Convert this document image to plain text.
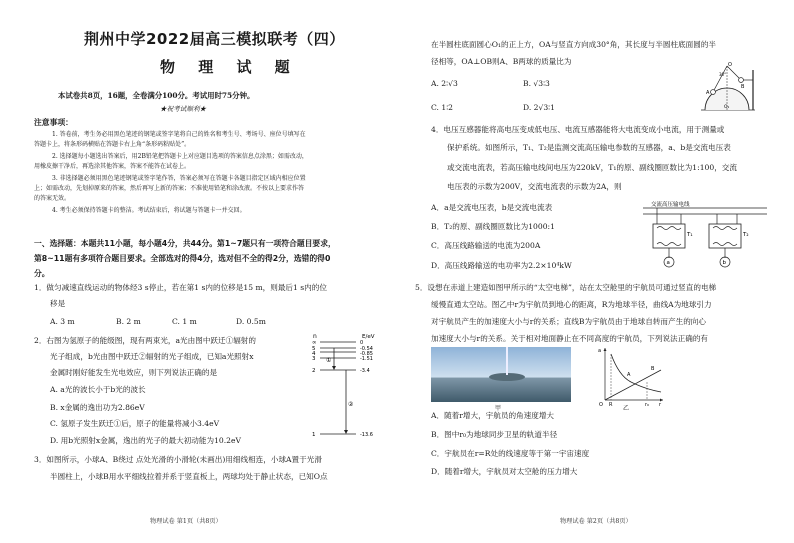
荆州中学2022届高三模拟联考（四）
物 理 试 题
本试卷共8页，16题，全卷满分100分。考试用时75分钟。
★祝考试顺利★
注意事项：
1. 答卷前，考生务必用黑色笔迹的钢笔或签字笔将自己的姓名和考生号、考场号、座位号填写在
答题卡上，将条形码横贴在答题卡右上角“条形码粘贴处”。
2. 选择题每小题选出答案后，用2B铅笔把答题卡上对应题目选项的答案信息点涂黑；如需改动，
用橡皮擦干净后，再选涂其他答案，答案不能答在试卷上。
3. 非选择题必须用黑色笔迹钢笔或签字笔作答，答案必须写在答题卡各题目指定区域内相应位置
上；如需改动，先划掉原来的答案，然后再写上新的答案；不准使用铅笔和涂改液。不按以上要求作答
的答案无效。
4. 考生必须保持答题卡的整洁。考试结束后，将试题与答题卡一并交回。
一、选择题：本题共11小题，每小题4分，共44分。第1~7题只有一项符合题目要求，
第8~11题有多项符合题目要求。全部选对的得4分，选对但不全的得2分，选错的得0
分。
1．做匀减速直线运动的物体经3 s停止，若在第1 s内的位移是15 m，则最后1 s内的位
移是
A. 3 m	B. 2 m	C. 1 m	D. 0.5m
2．右图为氢原子的能级图，现有两束光，a光由图中跃迁①辐射的
光子组成，b光由图中跃迁②辐射的光子组成，已知a光照射x
金属时刚好能发生光电效应，则下列说法正确的是
A. a光的波长小于b光的波长
B. x金属的逸出功为2.86eV
C. 氢原子发生跃迁①后，原子的能量将减小3.4eV
D. 用b光照射x金属，逸出的光子的最大初动能为10.2eV
n	E/eV
∞
5
4
3
2
1
0
-0.54
-0.85
-1.51
-3.4
-13.6
①
②
3．如图所示，小球A、B绕过 点处光滑的小滑轮(未画出)用细线相连，小球A置于光滑
半圆柱上，小球B用水平细线拉着并系于竖直板上，两球均处于静止状态，已知O点
物理试卷 第1页（共8页）
在半圆柱底面圆心O₁的正上方，OA与竖直方向成30°角，其长度与半圆柱底面圆的半
径相等，OA⊥OB则A、B两球的质量比为
A. 2∶√3	B. √3∶3
C. 1∶2	D. 2√3∶1
O
A
B
O₁
30°
4．电压互感器能将高电压变成低电压、电流互感器能将大电流变成小电流，用于测量或
保护系统。如图所示，T₁、T₂是监测交流高压输电参数的互感器，a、b是交流电压表
或交流电流表，若高压输电线间电压为220kV，T₁的原、副线圈匝数比为1:100，交流
电压表的示数为200V，交流电流表的示数为2A，则
A．a是交流电压表，b是交流电流表
B．T₂的原、副线圈匝数比为1000:1
C．高压线路输送的电流为200A
D．高压线路输送的电功率为2.2×10⁴kW
交流高压输电线
a	b
T₁	T₂
5．设想在赤道上建造如图甲所示的“太空电梯”，站在太空舱里的宇航员可通过竖直的电梯
缓慢直通太空站。图乙中r为宇航员到地心的距离，R为地球半径，曲线A为地球引力
对宇航员产生的加速度大小与r的关系；直线B为宇航员由于地球自转而产生的向心
加速度大小与r的关系。关于相对地面静止在不同高度的宇航员，下列说法正确的有
甲
a
O R	r₀ r
A
B
乙
A．随着r增大，宇航员的角速度增大
B．图中r₀为地球同步卫星的轨道半径
C．宇航员在r=R处的线速度等于第一宇宙速度
D．随着r增大，宇航员对太空舱的压力增大
物理试卷 第2页（共8页）
